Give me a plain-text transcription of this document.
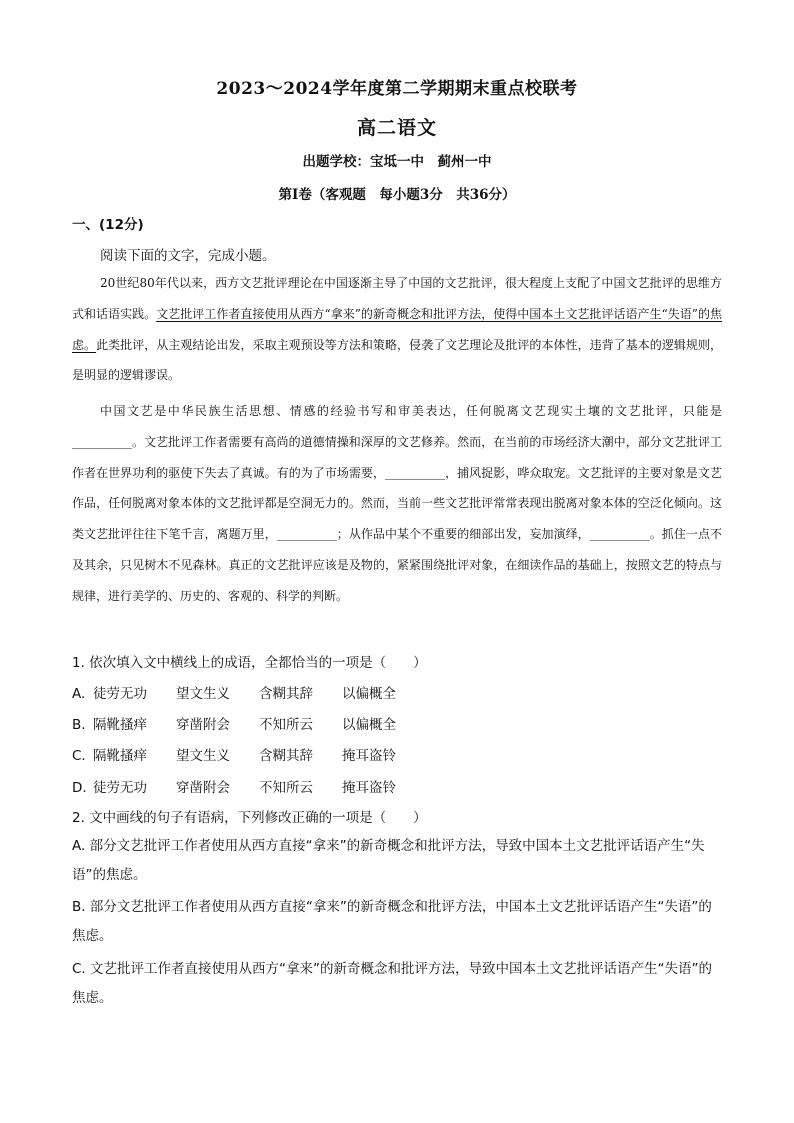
2023～2024学年度第二学期期末重点校联考
高二语文
出题学校：宝坻一中　蓟州一中
第Ⅰ卷（客观题　每小题3分　共36分）
一、(12分)
阅读下面的文字，完成小题。

20世纪80年代以来，西方文艺批评理论在中国逐渐主导了中国的文艺批评，很大程度上支配了中国文艺批评的思维方式和话语实践。文艺批评工作者直接使用从西方“拿来”的新奇概念和批评方法，使得中国本土文艺批评话语产生“失语”的焦虑。此类批评，从主观结论出发，采取主观预设等方法和策略，侵袭了文艺理论及批评的本体性，违背了基本的逻辑规则，是明显的逻辑谬误。

中国文艺是中华民族生活思想、情感的经验书写和审美表达，任何脱离文艺现实土壤的文艺批评，只能是__________。文艺批评工作者需要有高尚的道德情操和深厚的文艺修养。然而，在当前的市场经济大潮中，部分文艺批评工作者在世界功利的驱使下失去了真诚。有的为了市场需要，__________，捕风捉影，哗众取宠。文艺批评的主要对象是文艺作品，任何脱离对象本体的文艺批评都是空洞无力的。然而，当前一些文艺批评常常表现出脱离对象本体的空泛化倾向。这类文艺批评往往下笔千言，离题万里，__________；从作品中某个不重要的细部出发，妄加演绎，__________。抓住一点不及其余，只见树木不见森林。真正的文艺批评应该是及物的，紧紧围绕批评对象，在细读作品的基础上，按照文艺的特点与规律，进行美学的、历史的、客观的、科学的判断。

1. 依次填入文中横线上的成语，全都恰当的一项是（　　）

A. 徒劳无功 望文生义 含糊其辞 以偏概全
B. 隔靴搔痒 穿凿附会 不知所云 以偏概全
C. 隔靴搔痒 望文生义 含糊其辞 掩耳盗铃
D. 徒劳无功 穿凿附会 不知所云 掩耳盗铃

2. 文中画线的句子有语病，下列修改正确的一项是（　　）

A. 部分文艺批评工作者使用从西方直接“拿来”的新奇概念和批评方法，导致中国本土文艺批评话语产生“失语”的焦虑。

B. 部分文艺批评工作者使用从西方直接“拿来”的新奇概念和批评方法，中国本土文艺批评话语产生“失语”的焦虑。

C. 文艺批评工作者直接使用从西方“拿来”的新奇概念和批评方法，导致中国本土文艺批评话语产生“失语”的焦虑。
